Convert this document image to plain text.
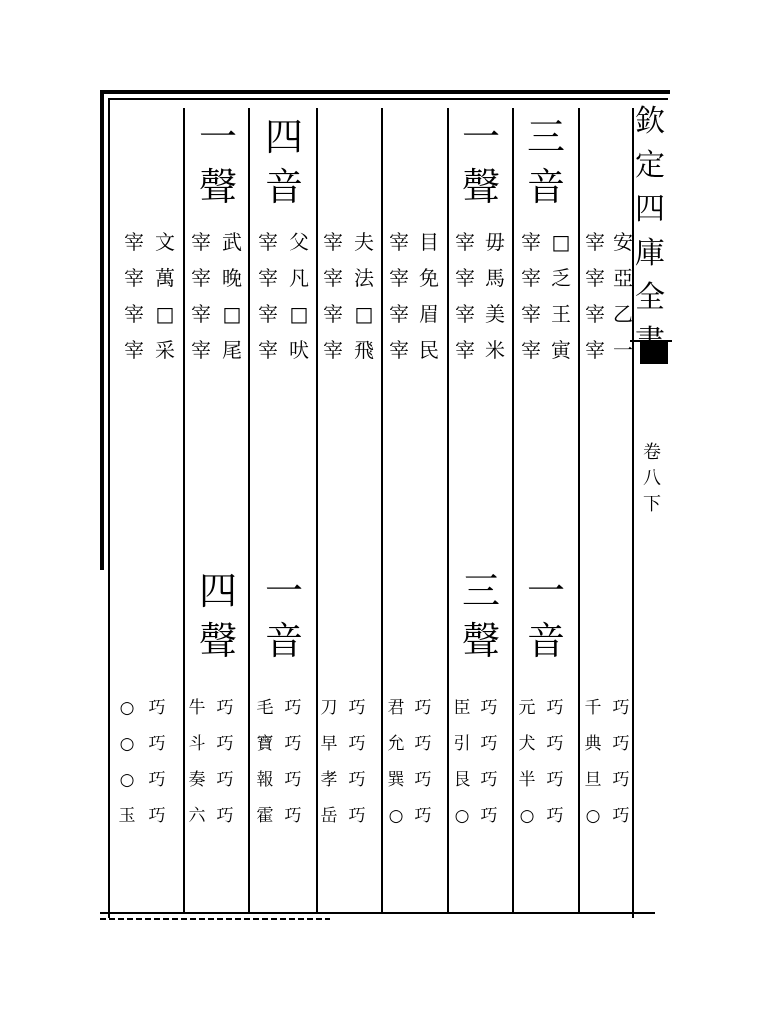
欽
定
四
庫
全
卷
八
下
三
音
一
聲
四
音
一
聲
安
亞
乙
一
宰
宰
宰
宰
□
乏
王
寅
宰
宰
宰
宰
毋
馬
美
米
宰
宰
宰
宰
目
免
眉
民
宰
宰
宰
宰
夫
法
□
飛
宰
宰
宰
宰
父
凡
□
吠
宰
宰
宰
宰
武
晚
□
尾
宰
宰
宰
宰
文
萬
□
采
宰
宰
宰
宰
一
音
三
聲
一
音
四
聲
巧
巧
巧
巧
千
典
旦
○
巧
巧
巧
巧
元
犬
半
○
巧
巧
巧
巧
臣
引
艮
○
巧
巧
巧
巧
君
允
巽
○
巧
巧
巧
巧
刀
早
孝
岳
巧
巧
巧
巧
毛
寶
報
霍
巧
巧
巧
巧
牛
斗
奏
六
巧
巧
巧
巧
○
○
○
玉
